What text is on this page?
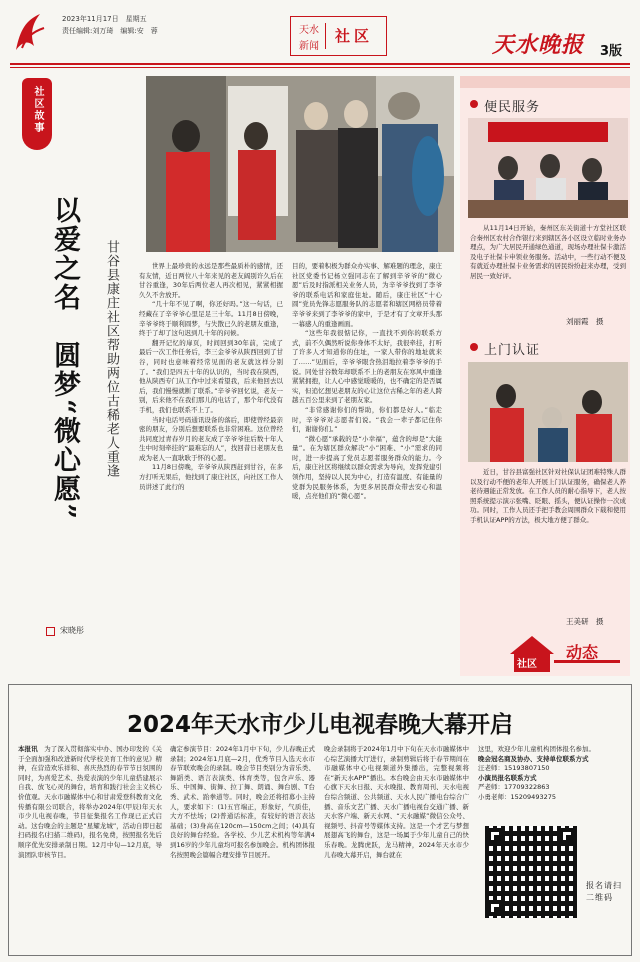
2023年11月17日　星期五
责任编辑:刘万琦　编辑:安　蓉	天水
新闻
社区	天水晚报 3版
社区故事
以爱之名　圆梦“微心愿” 甘谷县康庄社区帮助两位古稀老人重逢
宋晓彤

世界上最珍贵的永远是那些最质朴的感情，还有友情，近日两位八十年来见的老友阔别许久后在甘谷重逢，30年后两位老人再次相见，紧紧相握久久不舍放开。

“几十年不见了啊，你还好吗。”这一句话，已经藏在了辛爷爷心里足足三十年。11月8日傍晚，辛爷爷终于顺利圆梦，与失散已久的老朋友重逢，终于了却了这句迟到几十年的问候。

翻开记忆的扉页，时间回到30年前，完成了最后一次工作任务后，李三金爷爷从陕西回到了甘谷，同时也意味着经常见面的老友就这样分别了。“我们是四五十年的认识的，当时我在陕西，他从陕西专门从工作中过来看望我，后来他回去以后，我们慢慢就断了联系。”辛爷爷回忆说，老友一别，后来他不在我们那儿的电话了，那个年代没有手机，我们也联系不上了。

当时电话号码通讯设备的落后，即使曾经最亲密的朋友，分别后想要联系也非常困难。这位曾经共同度过青春岁月的老友成了辛爷爷往后数十年人生中时刻牵挂的“最难忘的人”，找回昔日老朋友也成为老人一直耿耿于怀的心愿。

11月8日傍晚，辛爷爷从陕西赶到甘谷，在多方打听无果后，他找到了康庄社区，向社区工作人员讲述了此行的

目的，要着积极为群众办实事、解难题的理念，康庄社区党委书记杨立强同志在了解到辛爷爷的“微心愿”后及时指派相关业务人员，为辛爷爷找到了李爷爷的联系电话和家庭住址。随后，康庄社区“十心圆”党员先锋志愿服务队的志愿者和辖区网格员带着辛爷爷来到了李爷爷的家中，于是才有了文章开头那一幕感人的重逢画面。

“这些年我很惦记你，一直找不到你的联系方式，前不久偶然听说你身体不太好，我很牵挂，打听了许多人才知道你的住址，一家人带你的地址就来了……”见面后，辛爷爷眼含热泪地拉着李爷爷的手说。同处甘谷数年却联系不上的老朋友在寒风中重逢紧紧拥抱，让人心中感觉暖暖的，也不确定的是否属实，但追忆想见老朋友的心让这位古稀之年的老人跨越五百公里来到了老朋友家。

“非常感谢你们的帮助，你们都是好人。”临走时，辛爷爷对志愿者们说。“我会一辈子都记住你们，谢谢你们。”

“微心愿”承载的是“小幸福”，蕴含的却是“大能量”。在为辖区群众解决“小”困难、“小”需求的同时，进一步提高了党员志愿者服务群众的能力。今后，康庄社区将继续以群众需求为导向，发挥党建引领作用，坚持以人民为中心，打造有温度、有能量的党群为民服务体系，为更多居民群众带去安心和温暖，点亮他们的“微心愿”。

便民服务

从11月14日开始，秦州区东关街道十方堂社区联合秦州区农村合作银行来到辖区各小区设立临时业务办理点，为广大居民开通绿色通道，现场办理社保卡激活及电子社保卡申领业务服务。活动中，一些行动不便及有就近办理社保卡业务需求的居民纷纷赶来办理，受到居民一致好评。

刘丽霞　摄
上门认证

近日，甘谷县富强社区针对社保认证团难特殊人群以及行动不便的老年人开展上门认证服务，确保老人养老待遇能正常发放。在工作人员的耐心指导下，老人按照系统提示演示张嘴、眨眼、摇头，便认证操作一次成功。同时，工作人员还手把手教会周围群众下载和使用手机认证APP的方法，极大地方便了群众。

王美研　摄
社区
动态
2024年天水市少儿电视春晚大幕开启

本报讯　 为了深入贯彻落实中办、国办印发的《关于全面加强和改进新时代学校美育工作的意见》精神，在营造欢乐祥和、喜庆热烈的春节节日氛围的同时，为喜爱艺术、热爱表演的少年儿童搭建展示自我、放飞心灵的舞台，培育和践行社会主义核心价值观。天水市融媒体中心和甘肃爱登科教育文化传播有限公司联合，将举办2024年(甲辰)年天水市少儿电视春晚，节目征集报名工作现已正式启动。这台晚会的主题是“星耀龙城”，活动自即日起扫码报名(扫描二维码)，报名免费，按照报名先后顺序优先安排录制日期。12月中旬—12月底，导演团队审核节目。

确定参演节目：2024年1月中下旬，少儿春晚正式录制；2024年1月底—2月，优秀节目入选天水市春节联欢晚会的录制。晚会节目类别分为音乐类、舞蹈类、语言表演类、体育类等，包含声乐、器乐、中国舞、街舞、拉丁舞、朗诵、舞台剧、T台秀、武术、跆拳道等。同时，晚会还将招募小主持人，要求如下：(1)五官端正，形象好，气质佳，大方不怯场；(2)普通话标准，有较好的语言表达基础；(3)身高在120cm—150cm之间；(4)具有良好的舞台经验。各学校、少儿艺术机构等年满4到16岁的少年儿童均可报名参加晚会。机构团体报名按照晚会篇幅合理安排节目展开。

晚会录制将于2024年1月中下旬在天水市融媒体中心综艺演播大厅进行，录制剪辑后将于春节期间在市融媒体中心电视频道外集播出，完整视频将在“新天水APP”播出。本台晚会由天水市融媒体中心旗下天水日报、天水晚报、教育周刊、天水电视台综合频道、公共频道、天水人民广播电台综合广播、音乐文艺广播、天水广播电视台交通广播、新天水客户端、新天水网、“天水融媒”微信公众号、视频号、抖音号等媒体支持。这是一个才艺与梦想展翅高飞的舞台，这是一场属于少年儿童自己的快乐春晚。龙腾虎跃，龙马精神，2024年天水市少儿春晚大幕开启，舞台就在

这里，欢迎少年儿童机构团体报名参加。

晚会冠名商及协办、支持单位联系方式

汪老师：15193807150

小演员报名联系方式

严老师：17709322863

小勇老师：15209493275

报名请扫二维码
